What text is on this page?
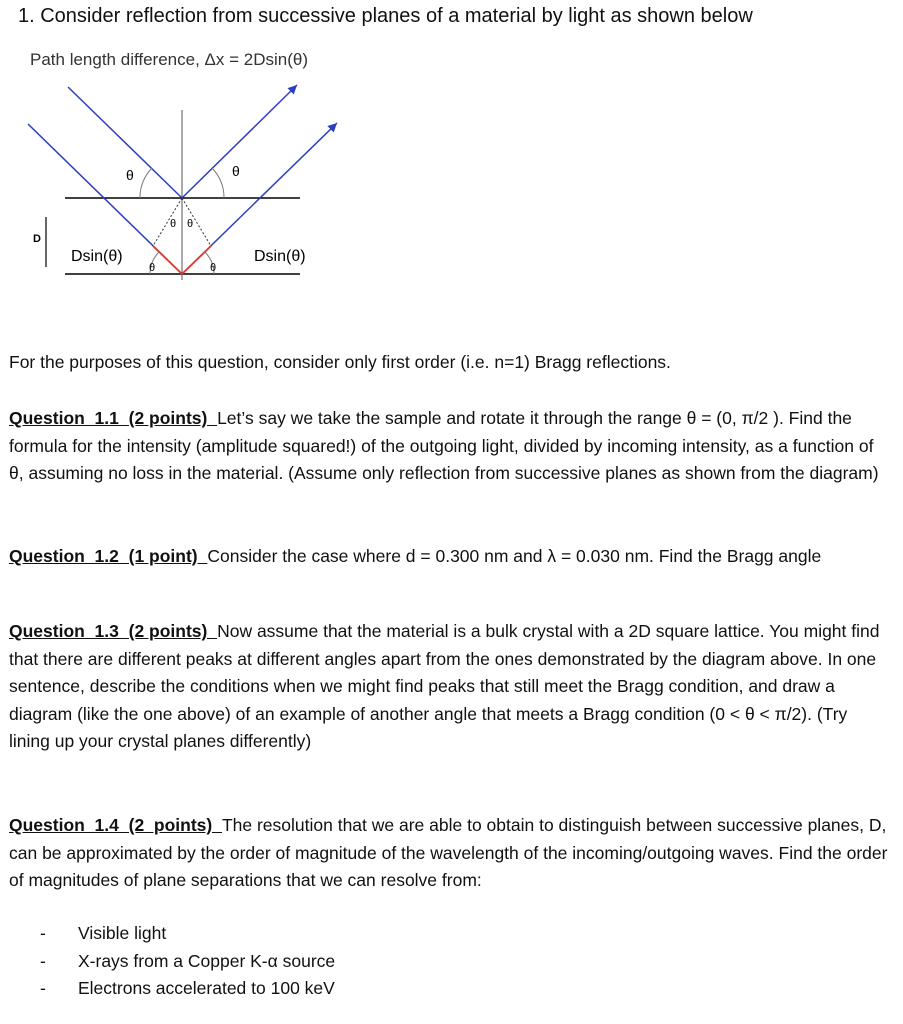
1. Consider reflection from successive planes of a material by light as shown below
Path length difference, Δx = 2Dsin(θ)
θ	θ
θ θ
θ	θ
D
Dsin(θ)	Dsin(θ)
For the purposes of this question, consider only first order (i.e. n=1) Bragg reflections.
Question  1.1  (2 points)  Let’s say we take the sample and rotate it through the range θ = (0, π/2 ). Find the formula for the intensity (amplitude squared!) of the outgoing light, divided by incoming intensity, as a function of θ, assuming no loss in the material. (Assume only reflection from successive planes as shown from the diagram)
Question  1.2  (1 point)  Consider the case where d = 0.300 nm and λ = 0.030 nm. Find the Bragg angle
Question  1.3  (2 points)  Now assume that the material is a bulk crystal with a 2D square lattice. You might find that there are different peaks at different angles apart from the ones demonstrated by the diagram above. In one sentence, describe the conditions when we might find peaks that still meet the Bragg condition, and draw a diagram (like the one above) of an example of another angle that meets a Bragg condition (0 < θ < π/2). (Try lining up your crystal planes differently)
Question  1.4  (2  points)  The resolution that we are able to obtain to distinguish between successive planes, D, can be approximated by the order of magnitude of the wavelength of the incoming/outgoing waves. Find the order of magnitudes of plane separations that we can resolve from:
- Visible light
- X-rays from a Copper K-α source
- Electrons accelerated to 100 keV
